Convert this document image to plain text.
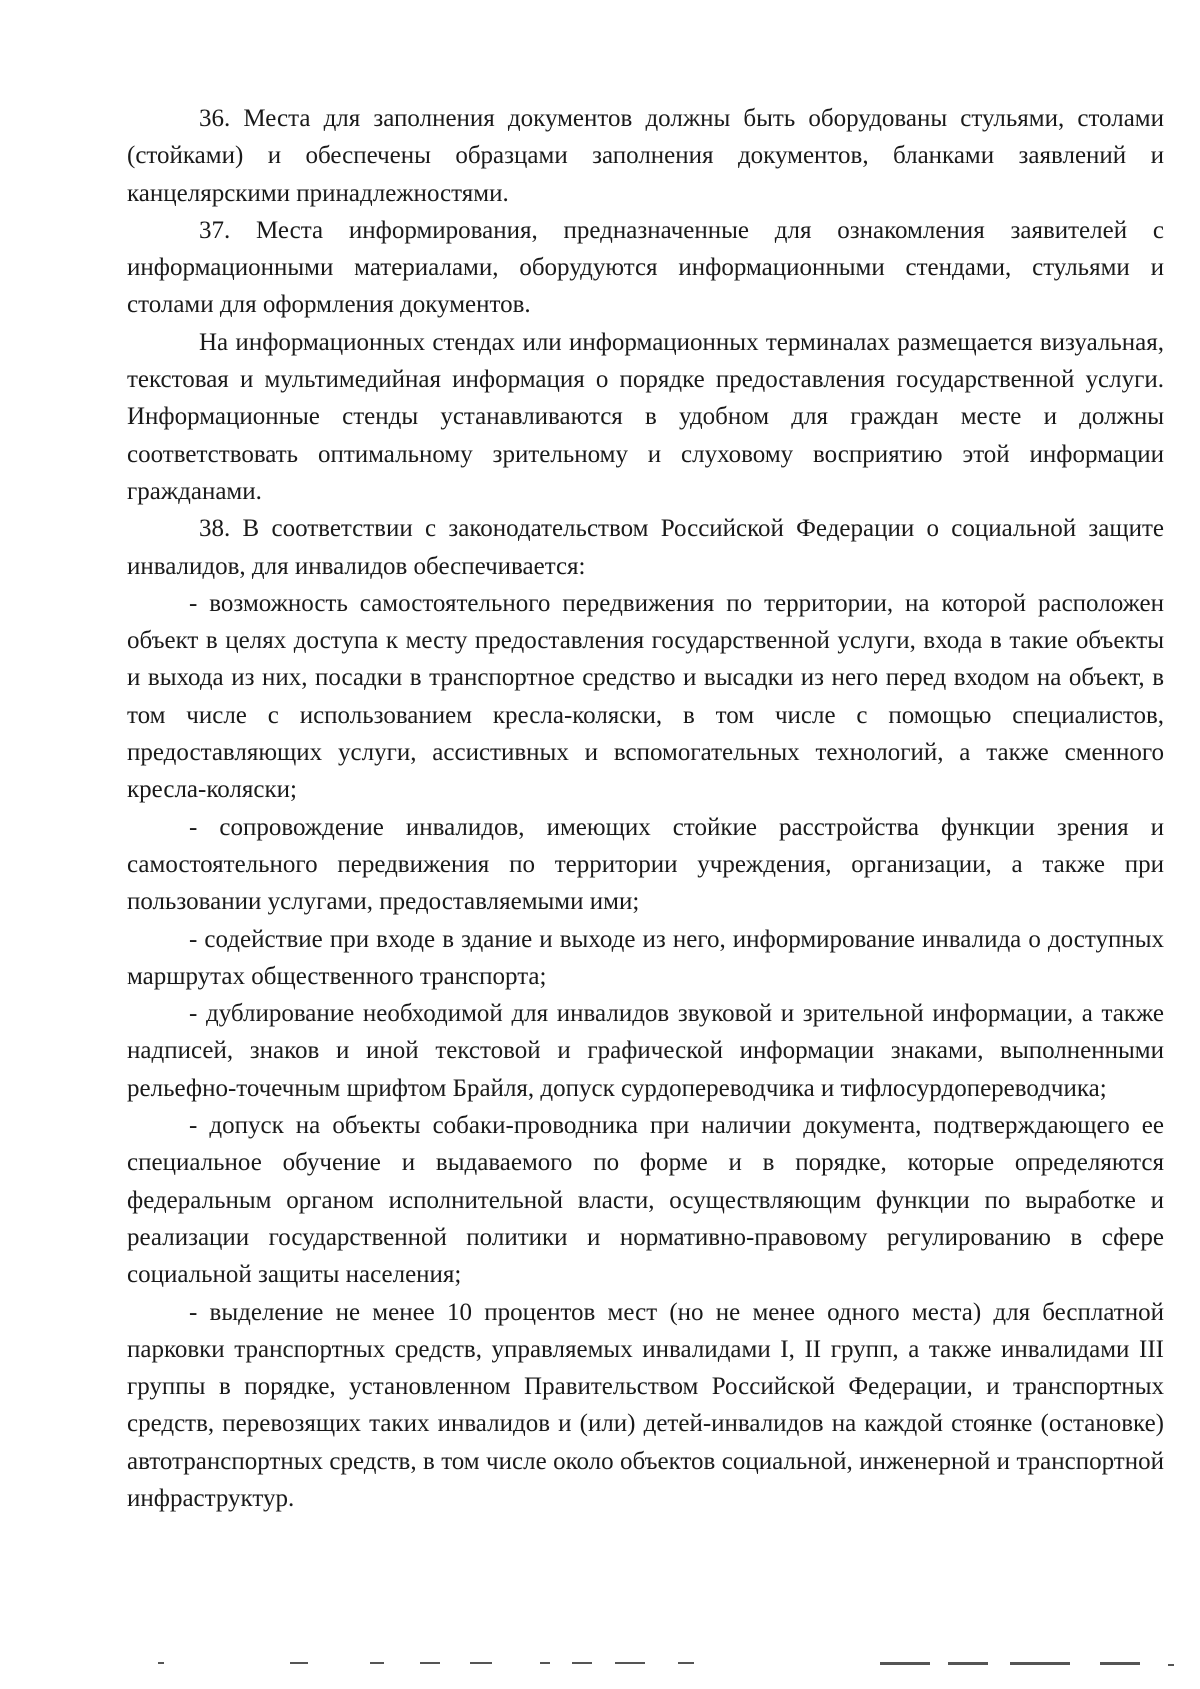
36. Места для заполнения документов должны быть оборудованы стульями, столами (стойками) и обеспечены образцами заполнения документов, бланками заявлений и канцелярскими принадлежностями.

37. Места информирования, предназначенные для ознакомления заявителей с информационными материалами, оборудуются информационными стендами, стульями и столами для оформления документов.

На информационных стендах или информационных терминалах размещается визуальная, текстовая и мультимедийная информация о порядке предоставления государственной услуги. Информационные стенды устанавливаются в удобном для граждан месте и должны соответствовать оптимальному зрительному и слуховому восприятию этой информации гражданами.

38. В соответствии с законодательством Российской Федерации о социальной защите инвалидов, для инвалидов обеспечивается:

- возможность самостоятельного передвижения по территории, на которой расположен объект в целях доступа к месту предоставления государственной услуги, входа в такие объекты и выхода из них, посадки в транспортное средство и высадки из него перед входом на объект, в том числе с использованием кресла-коляски, в том числе с помощью специалистов, предоставляющих услуги, ассистивных и вспомогательных технологий, а также сменного кресла-коляски;

- сопровождение инвалидов, имеющих стойкие расстройства функции зрения и самостоятельного передвижения по территории учреждения, организации, а также при пользовании услугами, предоставляемыми ими;

- содействие при входе в здание и выходе из него, информирование инвалида о доступных маршрутах общественного транспорта;

- дублирование необходимой для инвалидов звуковой и зрительной информации, а также надписей, знаков и иной текстовой и графической информации знаками, выполненными рельефно-точечным шрифтом Брайля, допуск сурдопереводчика и тифлосурдопереводчика;

- допуск на объекты собаки-проводника при наличии документа, подтверждающего ее специальное обучение и выдаваемого по форме и в порядке, которые определяются федеральным органом исполнительной власти, осуществляющим функции по выработке и реализации государственной политики и нормативно-правовому регулированию в сфере социальной защиты населения;

- выделение не менее 10 процентов мест (но не менее одного места) для бесплатной парковки транспортных средств, управляемых инвалидами I, II групп, а также инвалидами III группы в порядке, установленном Правительством Российской Федерации, и транспортных средств, перевозящих таких инвалидов и (или) детей-инвалидов на каждой стоянке (остановке) автотранспортных средств, в том числе около объектов социальной, инженерной и транспортной инфраструктур.
